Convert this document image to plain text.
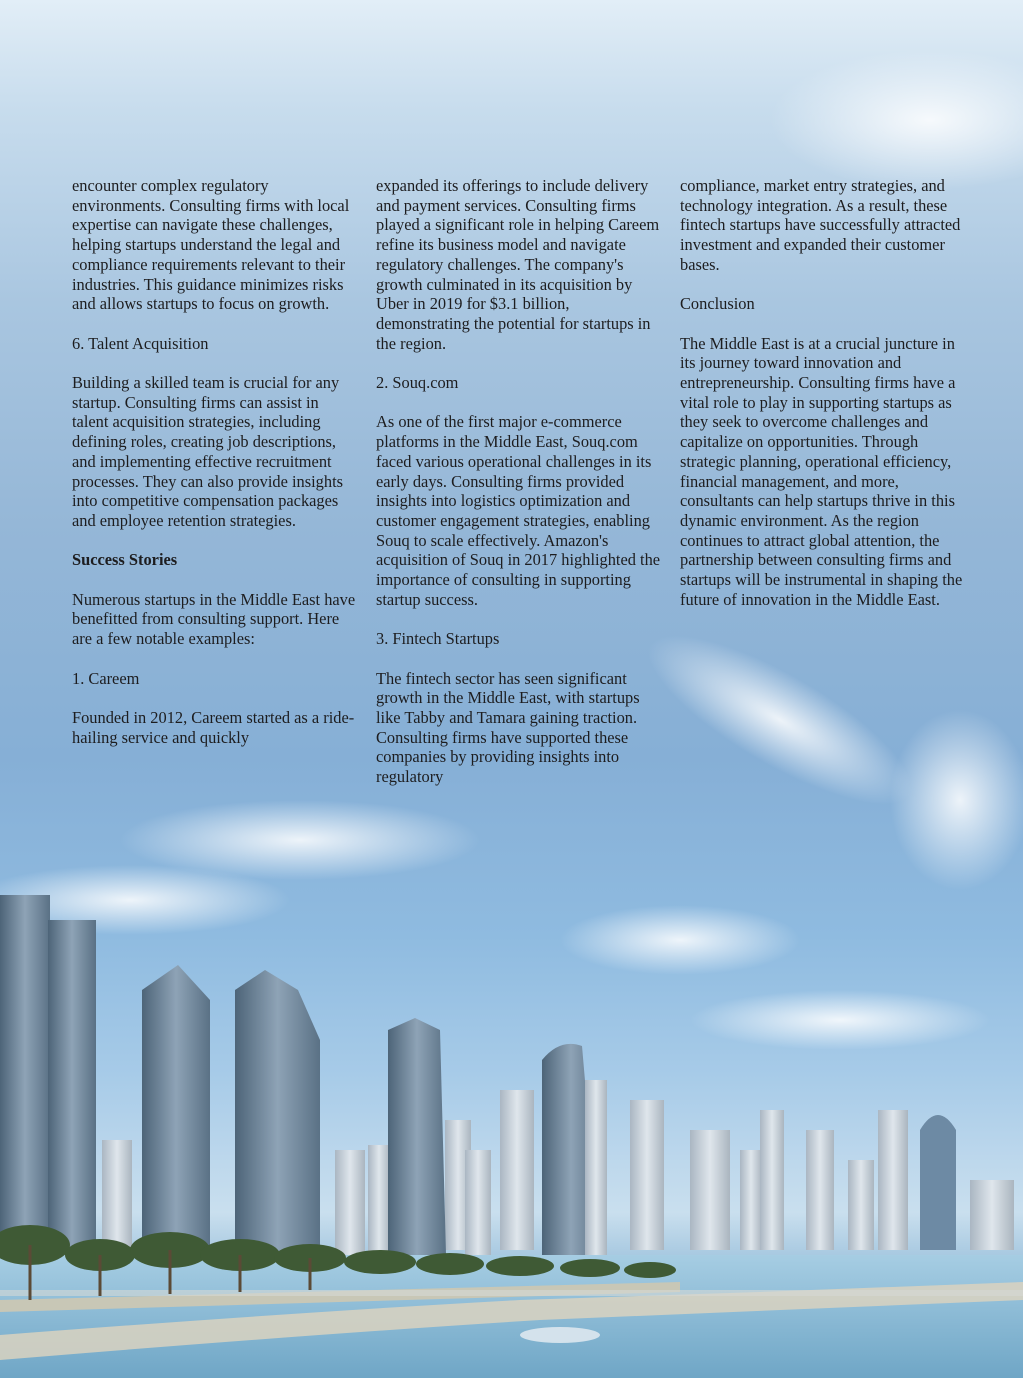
encounter complex regulatory environments. Consulting firms with local expertise can navigate these challenges, helping startups understand the legal and compliance requirements relevant to their industries. This guidance minimizes risks and allows startups to focus on growth.

6. Talent Acquisition

Building a skilled team is crucial for any startup. Consulting firms can assist in talent acquisition strategies, including defining roles, creating job descriptions, and implementing effective recruitment processes. They can also provide insights into competitive compensation packages and employee retention strategies.

Success Stories

Numerous startups in the Middle East have benefitted from consulting support. Here are a few notable examples:

1. Careem

Founded in 2012, Careem started as a ride-hailing service and quickly

expanded its offerings to include delivery and payment services. Consulting firms played a significant role in helping Careem refine its business model and navigate regulatory challenges. The company's growth culminated in its acquisition by Uber in 2019 for $3.1 billion, demonstrating the potential for startups in the region.

2. Souq.com

As one of the first major e-commerce platforms in the Middle East, Souq.com faced various operational challenges in its early days. Consulting firms provided insights into logistics optimization and customer engagement strategies, enabling Souq to scale effectively. Amazon's acquisition of Souq in 2017 highlighted the importance of consulting in supporting startup success.

3. Fintech Startups

The fintech sector has seen significant growth in the Middle East, with startups like Tabby and Tamara gaining traction. Consulting firms have supported these companies by providing insights into regulatory

compliance, market entry strategies, and technology integration. As a result, these fintech startups have successfully attracted investment and expanded their customer bases.

Conclusion

The Middle East is at a crucial juncture in its journey toward innovation and entrepreneurship. Consulting firms have a vital role to play in supporting startups as they seek to overcome challenges and capitalize on opportunities. Through strategic planning, operational efficiency, financial management, and more, consultants can help startups thrive in this dynamic environment. As the region continues to attract global attention, the partnership between consulting firms and startups will be instrumental in shaping the future of innovation in the Middle East.
